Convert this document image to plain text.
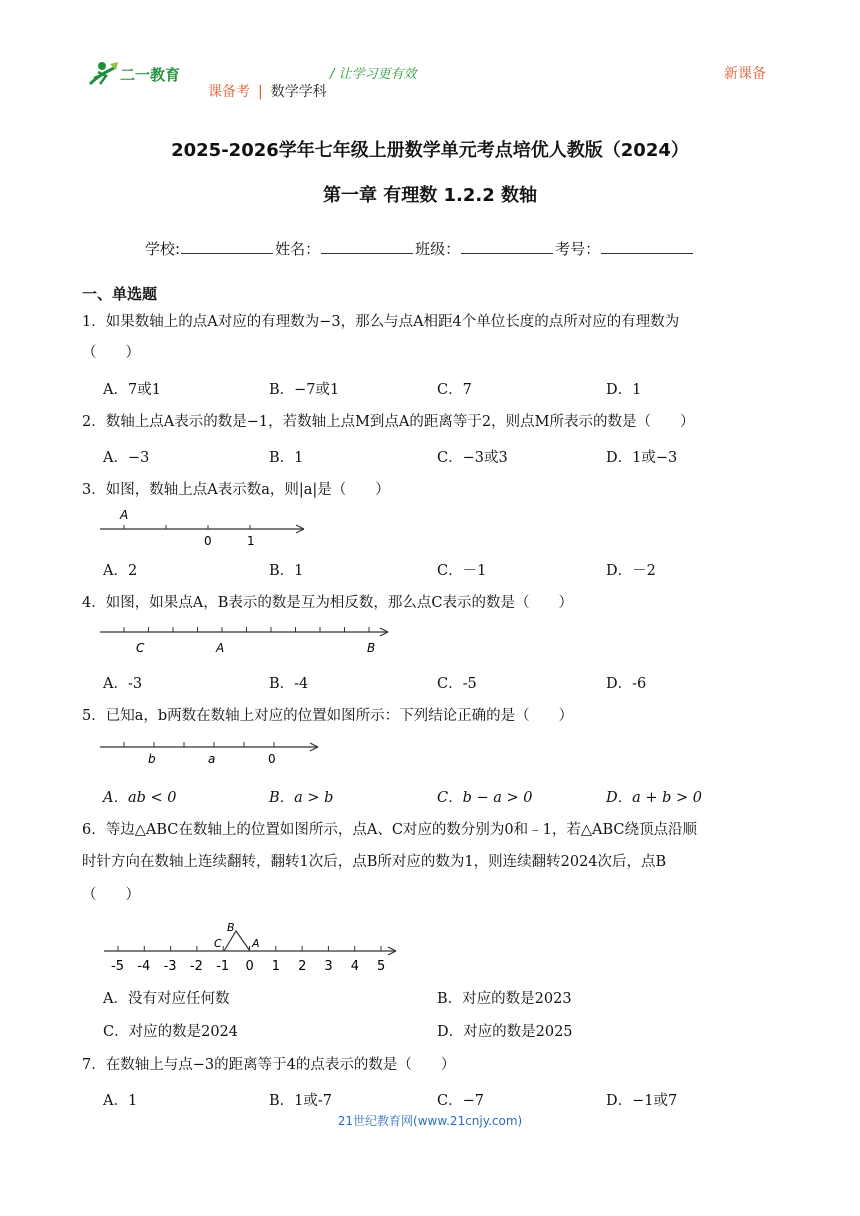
二一教育	/ 让学习更有效	新课备
课备考 | 数学学科
2025-2026学年七年级上册数学单元考点培优人教版（2024）
第一章 有理数 1.2.2 数轴
学校:	姓名：	班级：	考号：
一、单选题
1．如果数轴上的点A对应的有理数为−3，那么与点A相距4个单位长度的点所对应的有理数为
（　　）
A．7或1	B．−7或1	C．7	D．1
2．数轴上点A表示的数是−1，若数轴上点M到点A的距离等于2，则点M所表示的数是（　　）
A．−3	B．1	C．−3或3	D．1或−3
3．如图，数轴上点A表示数a，则|a|是（　　）
A
0	1
A．2	B．1	C．－1	D．－2
4．如图，如果点A，B表示的数是互为相反数，那么点C表示的数是（　　）
C	A	B
A．-3	B．-4	C．-5	D．-6
5．已知a，b两数在数轴上对应的位置如图所示：下列结论正确的是（　　）
b	a	0
A．ab < 0	B．a > b	C．b − a > 0	D．a + b > 0
6．等边△ABC在数轴上的位置如图所示，点A、C对应的数分别为0和﹣1，若△ABC绕顶点沿顺
时针方向在数轴上连续翻转，翻转1次后，点B所对应的数为1，则连续翻转2024次后，点B
（　　）
B
C	A
-5 -4 -3 -2 -1 0 1 2 3 4 5
A．没有对应任何数	B．对应的数是2023
C．对应的数是2024	D．对应的数是2025
7．在数轴上与点−3的距离等于4的点表示的数是（　　）
A．1	B．1或-7	C．−7	D．−1或7
21世纪教育网(www.21cnjy.com)
